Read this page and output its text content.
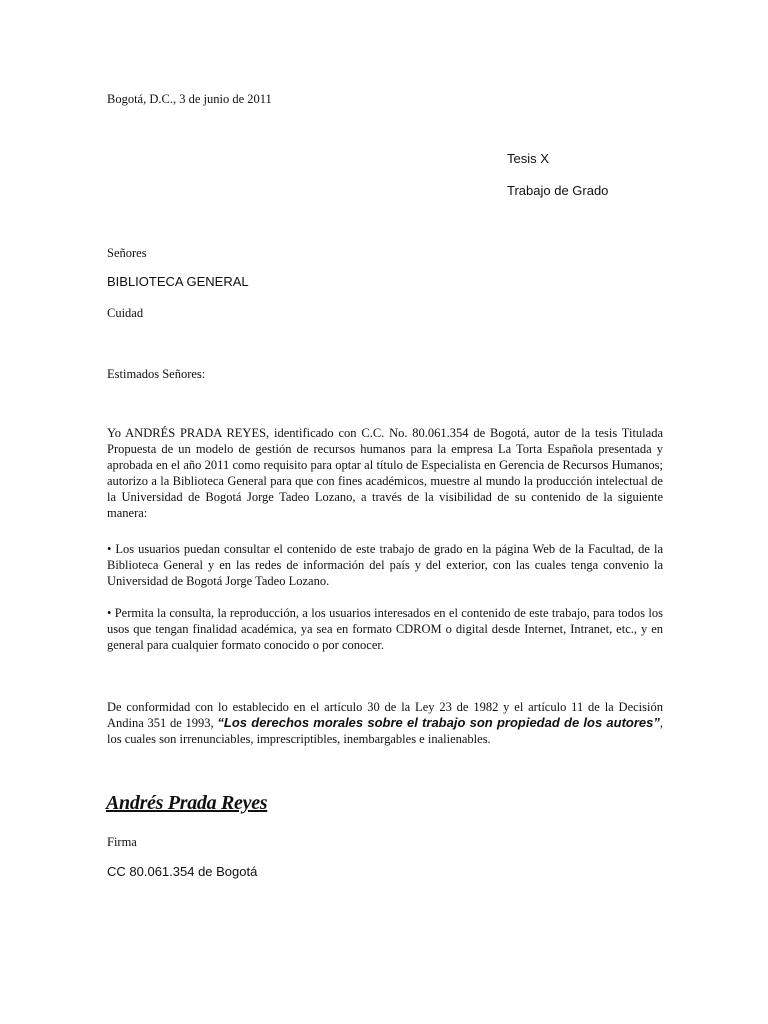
Bogotá, D.C., 3 de junio de 2011
Tesis X
Trabajo de Grado
Señores
BIBLIOTECA GENERAL
Cuidad
Estimados Señores:
Yo ANDRÉS PRADA REYES, identificado con C.C. No. 80.061.354 de Bogotá, autor de la tesis Titulada Propuesta de un modelo de gestión de recursos humanos para la empresa La Torta Española presentada y aprobada en el año 2011 como requisito para optar al título de Especialista en Gerencia de Recursos Humanos; autorizo a la Biblioteca General para que con fines académicos, muestre al mundo la producción intelectual de la Universidad de Bogotá Jorge Tadeo Lozano, a través de la visibilidad de su contenido de la siguiente manera:
• Los usuarios puedan consultar el contenido de este trabajo de grado en la página Web de la Facultad, de la Biblioteca General y en las redes de información del país y del exterior, con las cuales tenga convenio la Universidad de Bogotá Jorge Tadeo Lozano.
• Permita la consulta, la reproducción, a los usuarios interesados en el contenido de este trabajo, para todos los usos que tengan finalidad académica, ya sea en formato CDROM o digital desde Internet, Intranet, etc., y en general para cualquier formato conocido o por conocer.
De conformidad con lo establecido en el artículo 30 de la Ley 23 de 1982 y el artículo 11 de la Decisión Andina 351 de 1993, “Los derechos morales sobre el trabajo son propiedad de los autores”, los cuales son irrenunciables, imprescriptibles, inembargables e inalienables.
Andrés Prada Reyes
Firma
CC 80.061.354 de Bogotá
